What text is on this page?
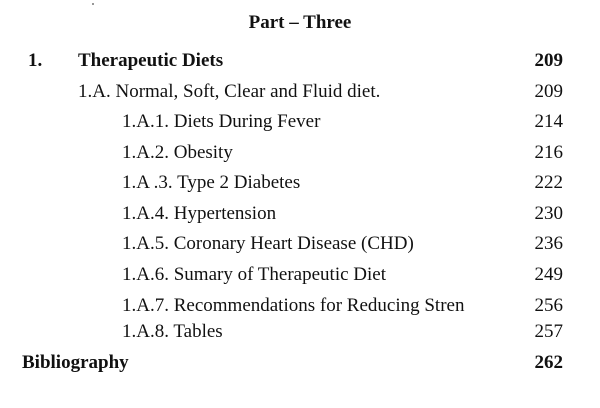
Part – Three
1. Therapeutic Diets	209
1.A. Normal, Soft, Clear and Fluid diet.	209
1.A.1. Diets During Fever	214
1.A.2. Obesity	216
1.A .3. Type 2 Diabetes	222
1.A.4. Hypertension	230
1.A.5. Coronary Heart Disease (CHD)	236
1.A.6. Sumary of Therapeutic Diet	249
1.A.7. Recommendations for Reducing Stren	256
1.A.8. Tables	257
Bibliography	262
